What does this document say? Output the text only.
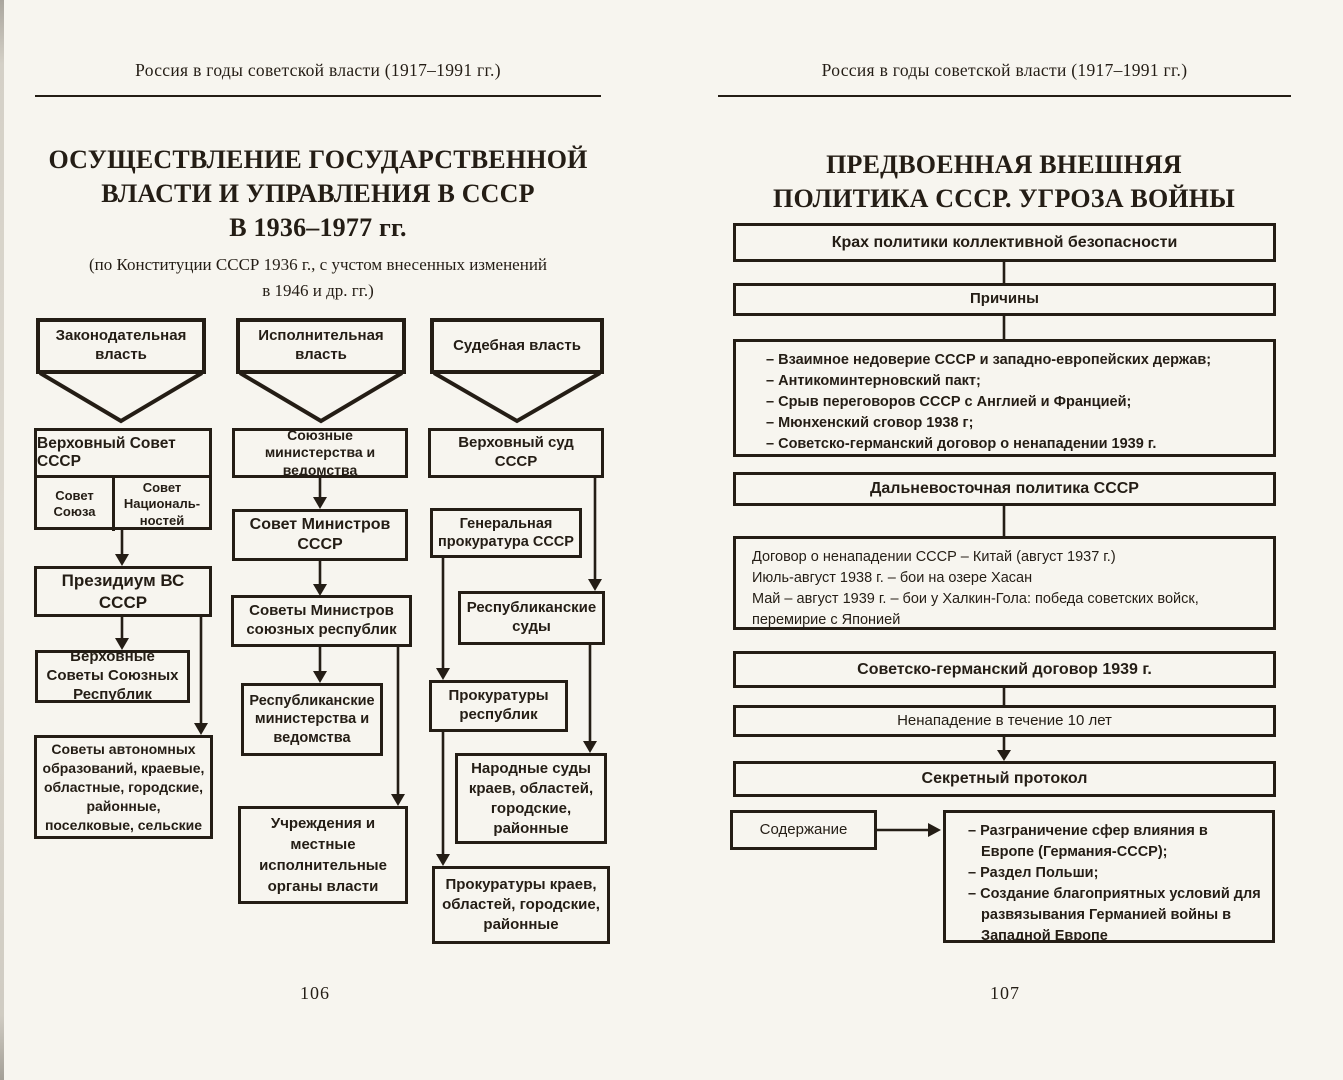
Россия в годы советской власти (1917–1991 гг.)
ОСУЩЕСТВЛЕНИЕ ГОСУДАРСТВЕННОЙ
ВЛАСТИ И УПРАВЛЕНИЯ В СССР
В 1936–1977 гг.
(по Конституции СССР 1936 г., с учстом внесенных изменений
в 1946 и др. гг.)
Законодательная власть
Исполнительная власть
Судебная власть
Верховный Совет СССР
Совет Союза
Совет Национальностей
Президиум ВС СССР
Верховные Советы Союзных Республик
Советы автономных образований, краевые, областные, городские, районные, поселковые, сельские
Союзные министерства и ведомства
Совет Министров СССР
Советы Министров союзных республик
Республиканские министерства и ведомства
Учреждения и местные исполнительные органы власти
Верховный суд СССР
Генеральная прокуратура СССР
Республиканские суды
Прокуратуры республик
Народные суды краев, областей, городские, районные
Прокуратуры краев, областей, городские, районные
106
Россия в годы советской власти (1917–1991 гг.)
ПРЕДВОЕННАЯ ВНЕШНЯЯ
ПОЛИТИКА СССР. УГРОЗА ВОЙНЫ
Крах политики коллективной безопасности
Причины
– Взаимное недоверие СССР и западно-европейских держав;
– Антикоминтерновский пакт;
– Срыв переговоров СССР с Англией и Францией;
– Мюнхенский сговор 1938 г;
– Советско-германский договор о ненападении 1939 г.
Дальневосточная политика СССР
Договор о ненападении СССР – Китай (август 1937 г.)
Июль-август 1938 г. – бои на озере Хасан
Май – август 1939 г. – бои у Халкин-Гола: победа советских войск, перемирие с Японией
Советско-германский договор 1939 г.
Ненападение в течение 10 лет
Секретный протокол
Содержание	– Разграничение сфер влияния в Европе (Германия-СССР);
– Раздел Польши;
– Создание благоприятных условий для развязывания Германией войны в Западной Европе
107
